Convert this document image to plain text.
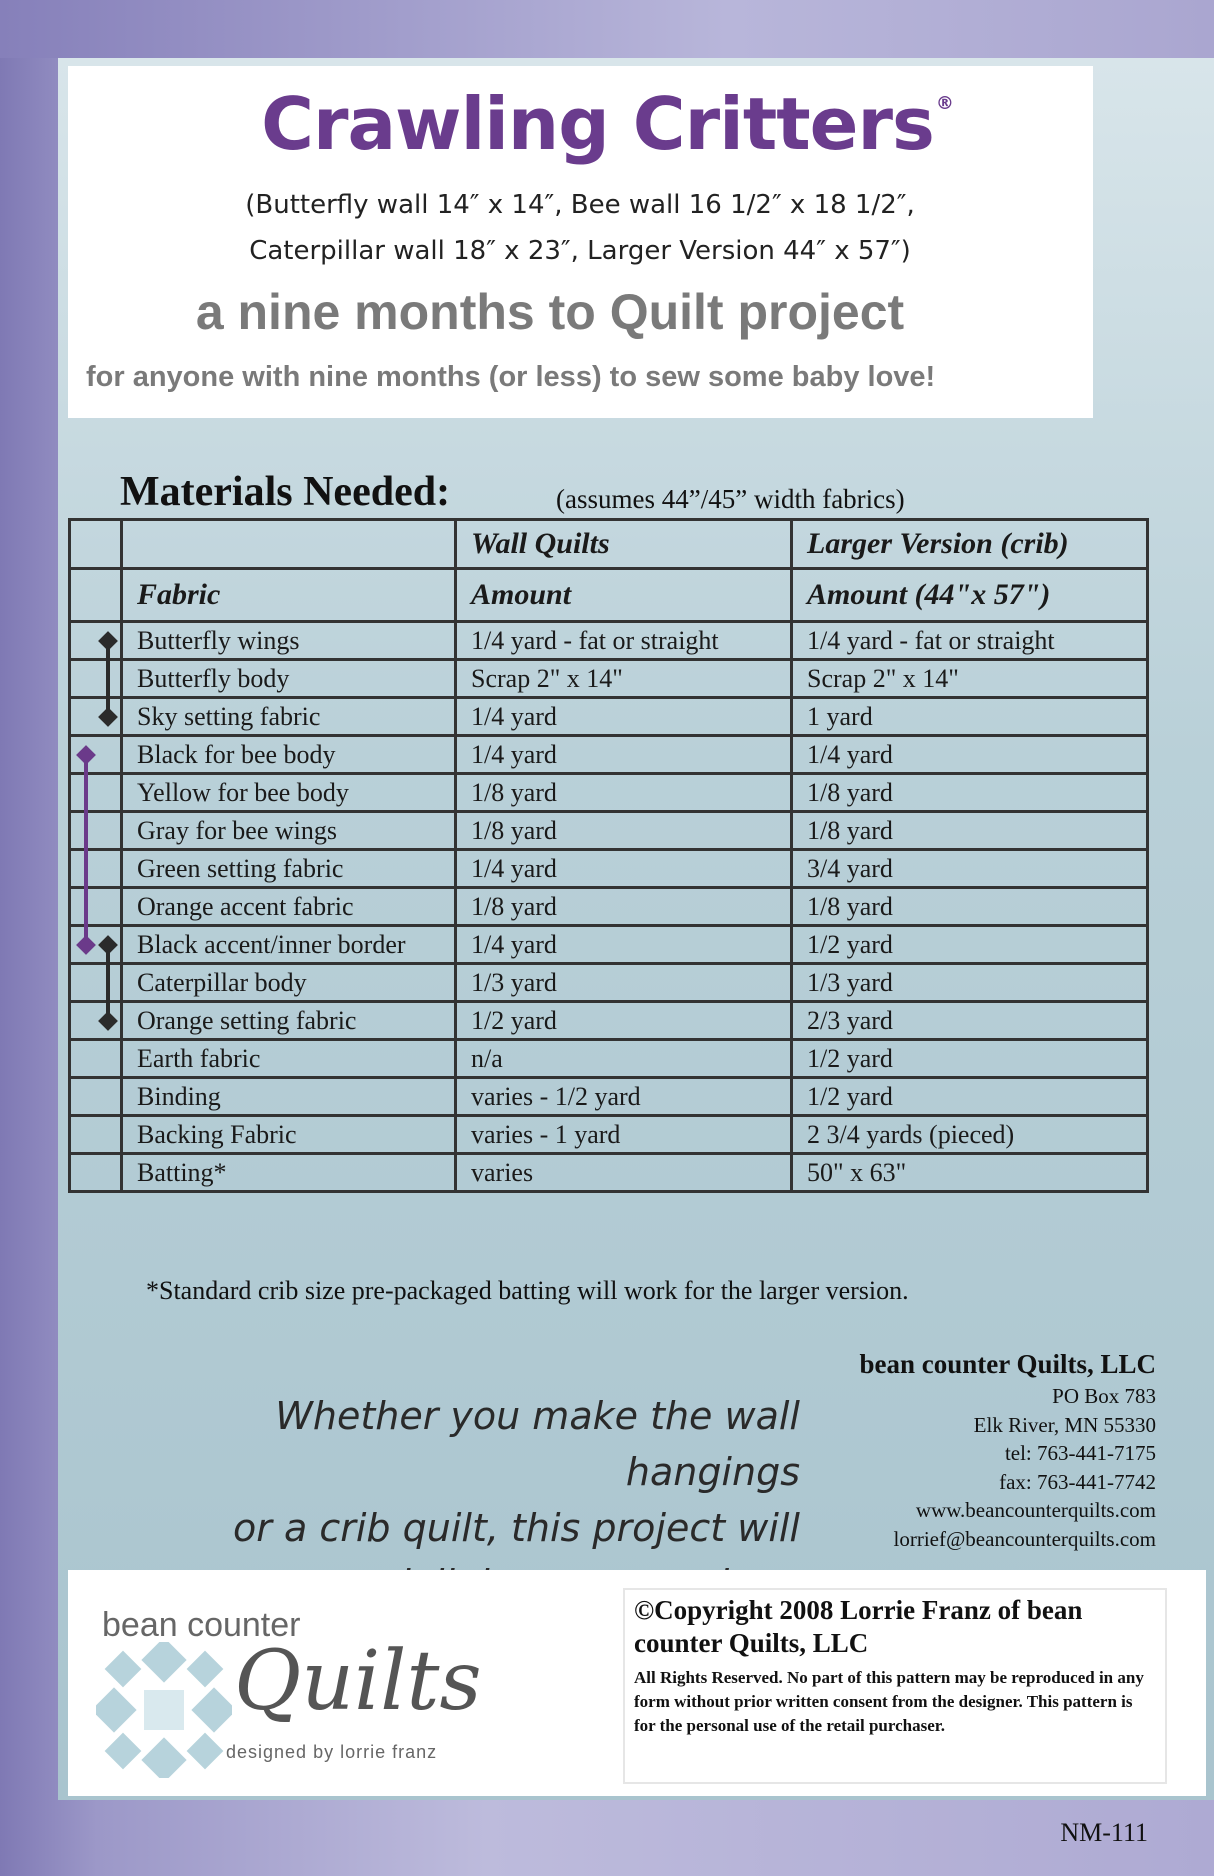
Crawling Critters ®

(Butterfly wall 14″ x 14″, Bee wall 16 1/2″ x 18 1/2″,

Caterpillar wall 18″ x 23″, Larger Version 44″ x 57″)

a nine months to Quilt project

for anyone with nine months (or less) to sew some baby love!

Materials Needed:	(assumes 44”/45” width fabrics)

		Wall Quilts	Larger Version (crib)
	Fabric	Amount	Amount (44"x 57")
	Butterfly wings	1/4 yard - fat or straight	1/4 yard - fat or straight
	Butterfly body	Scrap 2" x 14"	Scrap 2" x 14"
	Sky setting fabric	1/4 yard	1 yard
	Black for bee body	1/4 yard	1/4 yard
	Yellow for bee body	1/8 yard	1/8 yard
	Gray for bee wings	1/8 yard	1/8 yard
	Green setting fabric	1/4 yard	3/4 yard
	Orange accent fabric	1/8 yard	1/8 yard
	Black accent/inner border	1/4 yard	1/2 yard
	Caterpillar body	1/3 yard	1/3 yard
	Orange setting fabric	1/2 yard	2/3 yard
	Earth fabric	n/a	1/2 yard
	Binding	varies - 1/2 yard	1/2 yard
	Backing Fabric	varies - 1 yard	2 3/4 yards (pieced)
	Batting*	varies	50" x 63"

*Standard crib size pre-packaged batting will work for the larger version.

Whether you make the wall hangings
or a crib quilt, this project will
bean counter Quilts, LLC
PO Box 783
Elk River, MN 55330
tel: 763-441-7175
fax: 763-441-7742
www.beancounterquilts.com
lorrief@beancounterquilts.com

bean counter

Quilts

designed by lorrie franz

©Copyright 2008 Lorrie Franz of bean counter Quilts, LLC

All Rights Reserved. No part of this pattern may be reproduced in any form without prior written consent from the designer. This pattern is for the personal use of the retail purchaser.

NM-111
